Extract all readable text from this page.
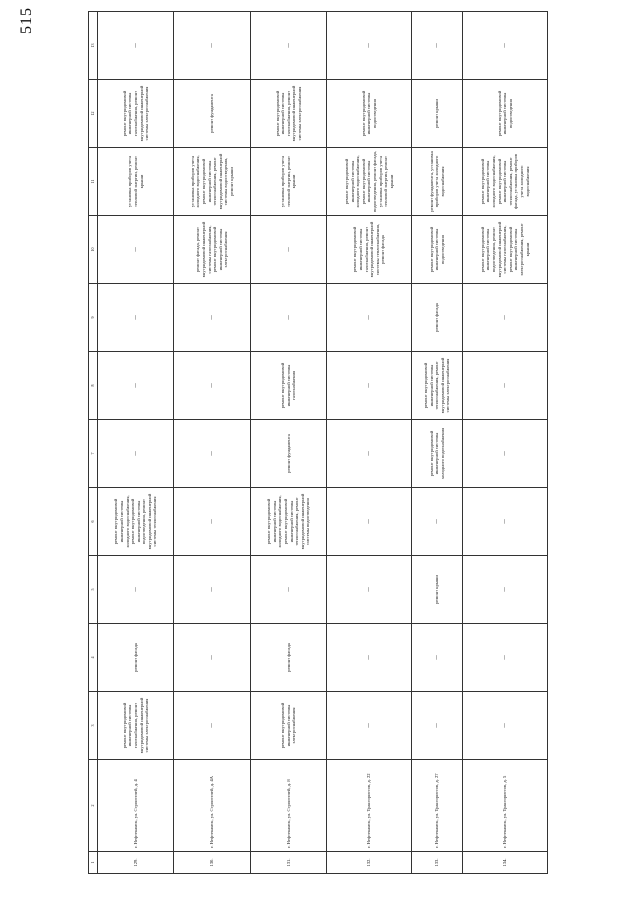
515
1	2	3	4	5	6	7	8	9	10	11	12	13
129.	г. Нефтекамск, ул. Строителей, д. 4	ремонт внутридомовой инженерной системы газоснабжения, ремонт внутридомовой инженерной системы электроснабжения	ремонт фасада	—	ремонт внутридомовой инженерной системы холодного водоснабжения, ремонт внутридомовой инженерной системы водоотведения, ремонт внутридомовой инженерной системы теплоснабжения	—	—	—	—	установка приборов учета тепловой энергии, ремонт крыши	ремонт внутридомовой инженерной системы газоснабжения, ремонт внутридомовой инженерной системы электроснабжения	—
130.	г. Нефтекамск, ул. Строителей, д. 4А	—	—	—	—	—	—	—	ремонт фасада, ремонт внутридомовой инженерной системы газоснабжения, ремонт внутридомовой инженерной системы электроснабжения	установка приборов учета холодного водоснабжения, ремонт внутридомовой инженерной системы теплоснабжения, ремонт внутридомовой инженерной системы водоотведения, ремонт крыши	ремонт фундамента	—
131.	г. Нефтекамск, ул. Строителей, д. 8	ремонт внутридомовой инженерной системы электроснабжения	ремонт фасада	—	ремонт внутридомовой инженерной системы холодного водоснабжения, ремонт внутридомовой инженерной системы теплоснабжения, ремонт внутридомовой инженерной системы водоотведения	ремонт фундамента	ремонт внутридомовой инженерной системы газоснабжения	—	—	установка приборов учета тепловой энергии, ремонт крыши	ремонт внутридомовой инженерной системы газоснабжения, ремонт внутридомовой инженерной системы электроснабжения	—
132.	г. Нефтекамск, ул. Трактористов, д. 22	—	—	—	—	—	—	—	ремонт внутридомовой инженерной системы газоснабжения, ремонт внутридомовой инженерной системы теплоснабжения, ремонт фасада	ремонт внутридомовой инженерной системы холодного водоснабжения, ремонт внутридомовой инженерной системы водоотведения, ремонт фасада, установка приборов учета тепловой энергии, ремонт крыши	ремонт внутридомовой инженерной системы водоотведения	—
133.	г. Нефтекамск, ул. Трактористов, д. 27	—	—	ремонт крыши	—	ремонт внутридомовой инженерной системы холодного водоснабжения	ремонт внутридомовой инженерной системы теплоснабжения, ремонт внутридомовой инженерной системы электроснабжения	ремонт фасада	ремонт внутридомовой инженерной системы водоотведения	ремонт фундамента, установка приборов учета холодного водоснабжения	ремонт крыши	—
134.	г. Нефтекамск, ул. Трактористов, д. 5	—	—	—	—	—	—	—	ремонт внутридомовой инженерной системы водоотведения, ремонт внутридомовой инженерной системы газоснабжения, ремонт внутридомовой инженерной системы электроснабжения, ремонт крыши	ремонт внутридомовой инженерной системы холодного водоснабжения, ремонт внутридомовой инженерной системы теплоснабжения, ремонт фасада, установка приборов учета холодного водоснабжения	ремонт внутридомовой инженерной системы водоотведения	—
